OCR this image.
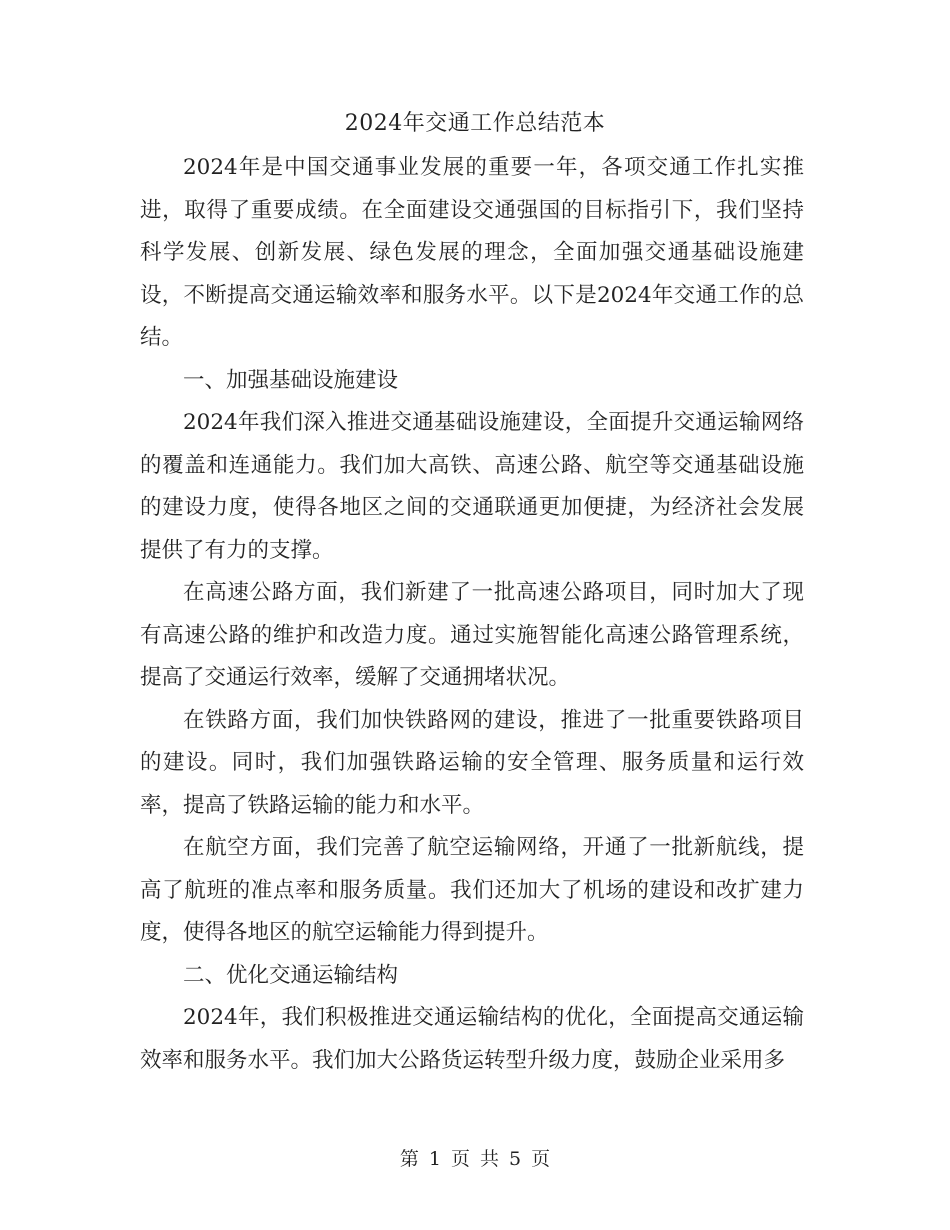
2024年交通工作总结范本

2024年是中国交通事业发展的重要一年，各项交通工作扎实推进，取得了重要成绩。在全面建设交通强国的目标指引下，我们坚持科学发展、创新发展、绿色发展的理念，全面加强交通基础设施建设，不断提高交通运输效率和服务水平。以下是2024年交通工作的总结。

一、加强基础设施建设

2024年我们深入推进交通基础设施建设，全面提升交通运输网络的覆盖和连通能力。我们加大高铁、高速公路、航空等交通基础设施的建设力度，使得各地区之间的交通联通更加便捷，为经济社会发展提供了有力的支撑。

在高速公路方面，我们新建了一批高速公路项目，同时加大了现有高速公路的维护和改造力度。通过实施智能化高速公路管理系统，提高了交通运行效率，缓解了交通拥堵状况。

在铁路方面，我们加快铁路网的建设，推进了一批重要铁路项目的建设。同时，我们加强铁路运输的安全管理、服务质量和运行效率，提高了铁路运输的能力和水平。

在航空方面，我们完善了航空运输网络，开通了一批新航线，提高了航班的准点率和服务质量。我们还加大了机场的建设和改扩建力度，使得各地区的航空运输能力得到提升。

二、优化交通运输结构

2024年，我们积极推进交通运输结构的优化，全面提高交通运输效率和服务水平。我们加大公路货运转型升级力度，鼓励企业采用多

第 1 页 共 5 页
